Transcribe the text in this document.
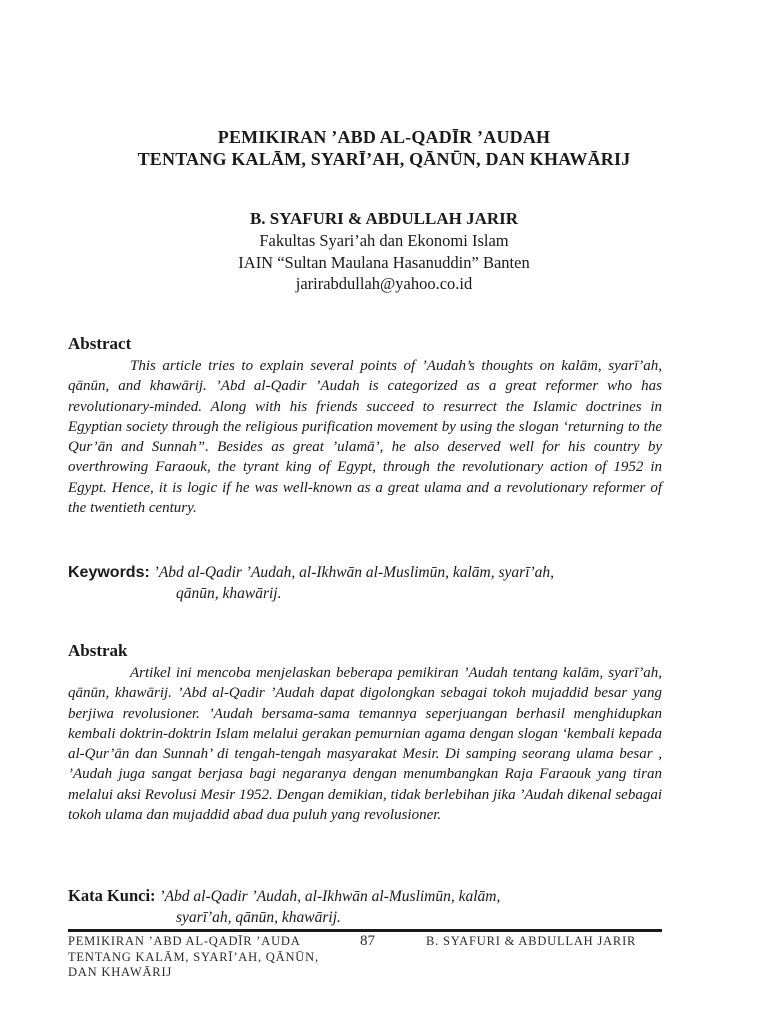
PEMIKIRAN ’ABD AL-QADĪR ’AUDAH
TENTANG KALĀM, SYARĪ’AH, QĀNŪN, DAN KHAWĀRIJ
B. SYAFURI & ABDULLAH JARIR
Fakultas Syari’ah dan Ekonomi Islam
IAIN “Sultan Maulana Hasanuddin” Banten
jarirabdullah@yahoo.co.id
Abstract
This article tries to explain several points of ’Audah’s thoughts on kalām, syarī’ah, qānūn, and khawārij. ’Abd al-Qadir ’Audah is categorized as a great reformer who has revolutionary-minded. Along with his friends succeed to resurrect the Islamic doctrines in Egyptian society through the religious purification movement by using the slogan ‘returning to the Qur’ān and Sunnah”. Besides as great ’ulamā’, he also deserved well for his country by overthrowing Faraouk, the tyrant king of Egypt, through the revolutionary action of 1952 in Egypt. Hence, it is logic if he was well-known as a great ulama and a revolutionary reformer of the twentieth century.
Keywords: ’Abd al-Qadir ’Audah, al-Ikhwān al-Muslimūn, kalām, syarī’ah,
qānūn, khawārij.
Abstrak
Artikel ini mencoba menjelaskan beberapa pemikiran ’Audah tentang kalām, syarī’ah, qānūn, khawārij. ’Abd al-Qadir ’Audah dapat digolongkan sebagai tokoh mujaddid besar yang berjiwa revolusioner. ’Audah bersama-sama temannya seperjuangan berhasil menghidupkan kembali doktrin-doktrin Islam melalui gerakan pemurnian agama dengan slogan ‘kembali kepada al-Qur’ān dan Sunnah’ di tengah-tengah masyarakat Mesir. Di samping seorang ulama besar , ’Audah juga sangat berjasa bagi negaranya dengan menumbangkan Raja Faraouk yang tiran melalui aksi Revolusi Mesir 1952. Dengan demikian, tidak berlebihan jika ’Audah dikenal sebagai tokoh ulama dan mujaddid abad dua puluh yang revolusioner.
Kata Kunci: ’Abd al-Qadir ’Audah, al-Ikhwān al-Muslimūn, kalām,
syarī’ah, qānūn, khawārij.
PEMIKIRAN ’ABD AL-QADĪR ’AUDA
TENTANG KALĀM, SYARĪ’AH, QĀNŪN,
DAN KHAWĀRIJ
87	B. SYAFURI & ABDULLAH JARIR
